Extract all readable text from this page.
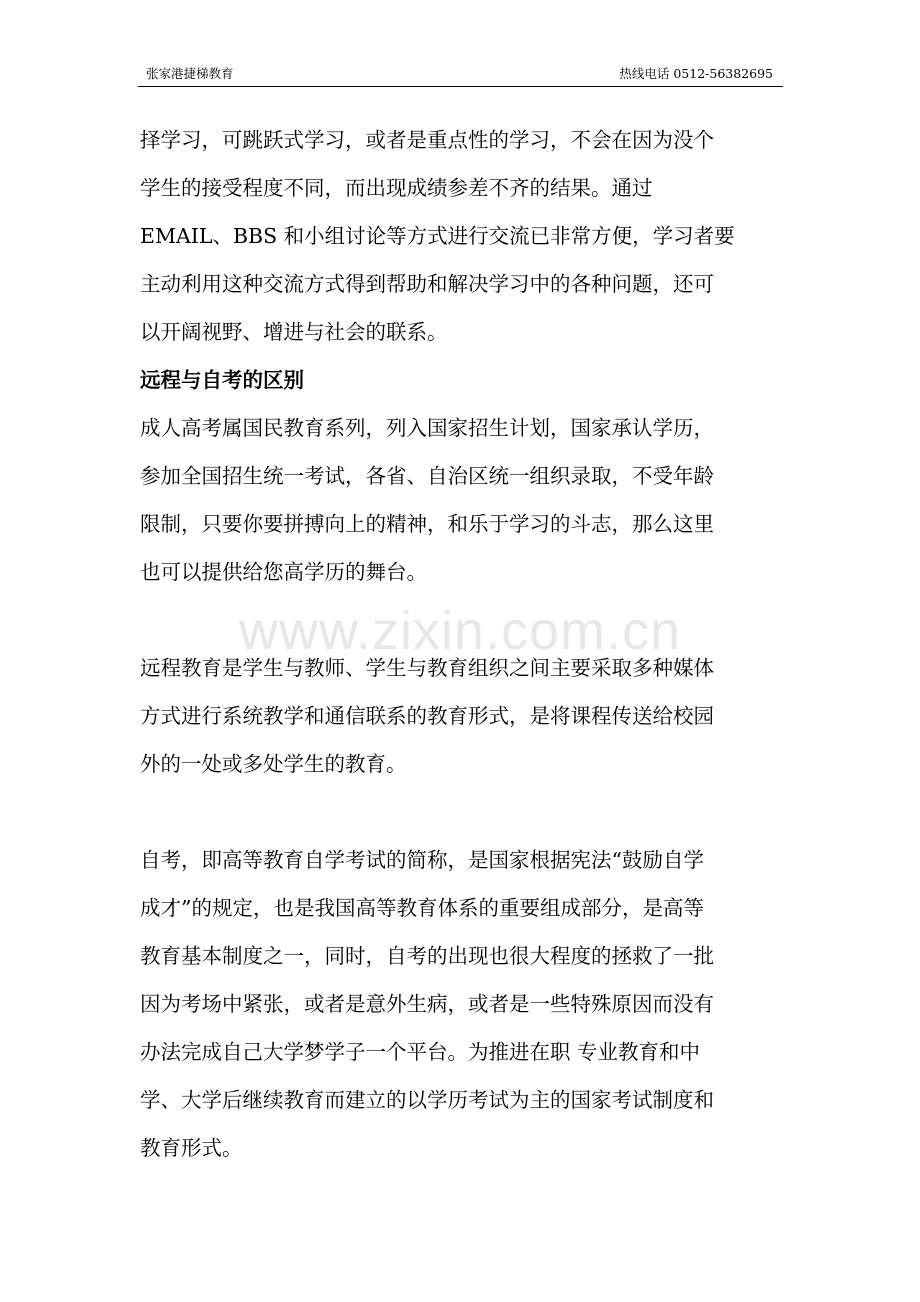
张家港捷梯教育	热线电话 0512-56382695
www.zixin.com.cn
择学习，可跳跃式学习，或者是重点性的学习，不会在因为没个
学生的接受程度不同，而出现成绩参差不齐的结果。通过
EMAIL、BBS 和小组讨论等方式进行交流已非常方便，学习者要
主动利用这种交流方式得到帮助和解决学习中的各种问题，还可
以开阔视野、增进与社会的联系。
远程与自考的区别
成人高考属国民教育系列，列入国家招生计划，国家承认学历，
参加全国招生统一考试，各省、自治区统一组织录取，不受年龄
限制，只要你要拼搏向上的精神，和乐于学习的斗志，那么这里
也可以提供给您高学历的舞台。
远程教育是学生与教师、学生与教育组织之间主要采取多种媒体
方式进行系统教学和通信联系的教育形式，是将课程传送给校园
外的一处或多处学生的教育。
自考，即高等教育自学考试的简称，是国家根据宪法“鼓励自学
成才”的规定，也是我国高等教育体系的重要组成部分，是高等
教育基本制度之一，同时，自考的出现也很大程度的拯救了一批
因为考场中紧张，或者是意外生病，或者是一些特殊原因而没有
办法完成自己大学梦学子一个平台。为推进在职 专业教育和中
学、大学后继续教育而建立的以学历考试为主的国家考试制度和
教育形式。
